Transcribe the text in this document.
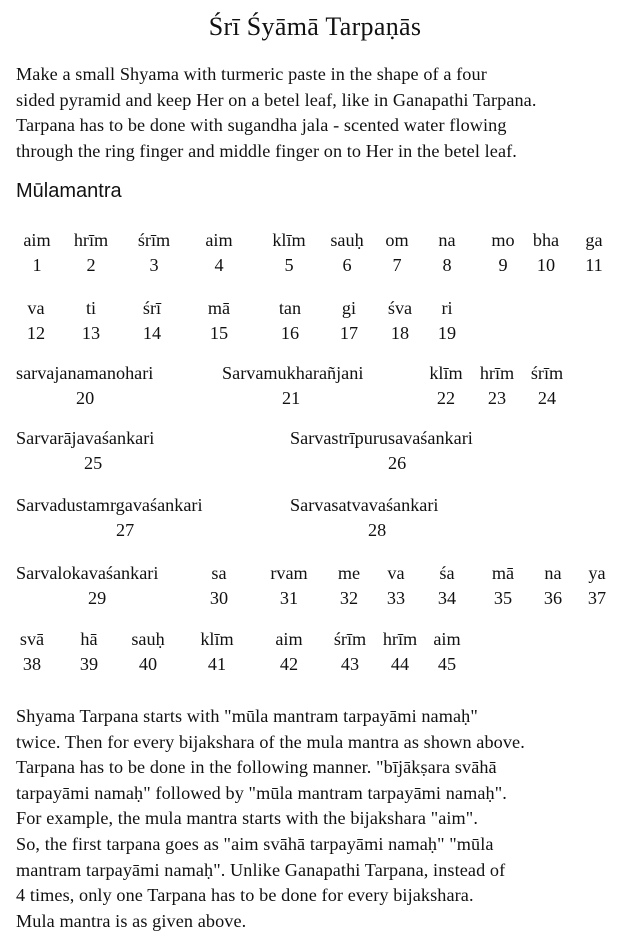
Śrī Śyāmā Tarpaṇās
Make a small Shyama with turmeric paste in the shape of a four
sided pyramid and keep Her on a betel leaf, like in Ganapathi Tarpana.
Tarpana has to be done with sugandha jala - scented water flowing
through the ring finger and middle finger on to Her in the betel leaf.
Mūlamantra
aim
1
hrīm
2
śrīm
3
aim
4
klīm
5
sauḥ
6
om
7
na
8
mo
9
bha
10
ga
11
va
12
ti
13
śrī
14
mā
15
tan
16
gi
17
śva
18
ri
19
sarvajanamanohari
20
Sarvamukharañjani
21
klīm
22
hrīm
23
śrīm
24
Sarvarājavaśankari
25
Sarvastrīpurusavaśankari
26
Sarvadustamrgavaśankari
27
Sarvasatvavaśankari
28
Sarvalokavaśankari
29
sa
30
rvam
31
me
32
va
33
śa
34
mā
35
na
36
ya
37
svā
38
hā
39
sauḥ
40
klīm
41
aim
42
śrīm
43
hrīm
44
aim
45
Shyama Tarpana starts with "mūla mantram tarpayāmi namaḥ"
twice. Then for every bijakshara of the mula mantra as shown above.
Tarpana has to be done in the following manner. "bījākṣara svāhā
tarpayāmi namaḥ" followed by "mūla mantram tarpayāmi namaḥ".
For example, the mula mantra starts with the bijakshara "aim".
So, the first tarpana goes as "aim svāhā tarpayāmi namaḥ" "mūla
mantram tarpayāmi namaḥ". Unlike Ganapathi Tarpana, instead of
4 times, only one Tarpana has to be done for every bijakshara.
Mula mantra is as given above.
